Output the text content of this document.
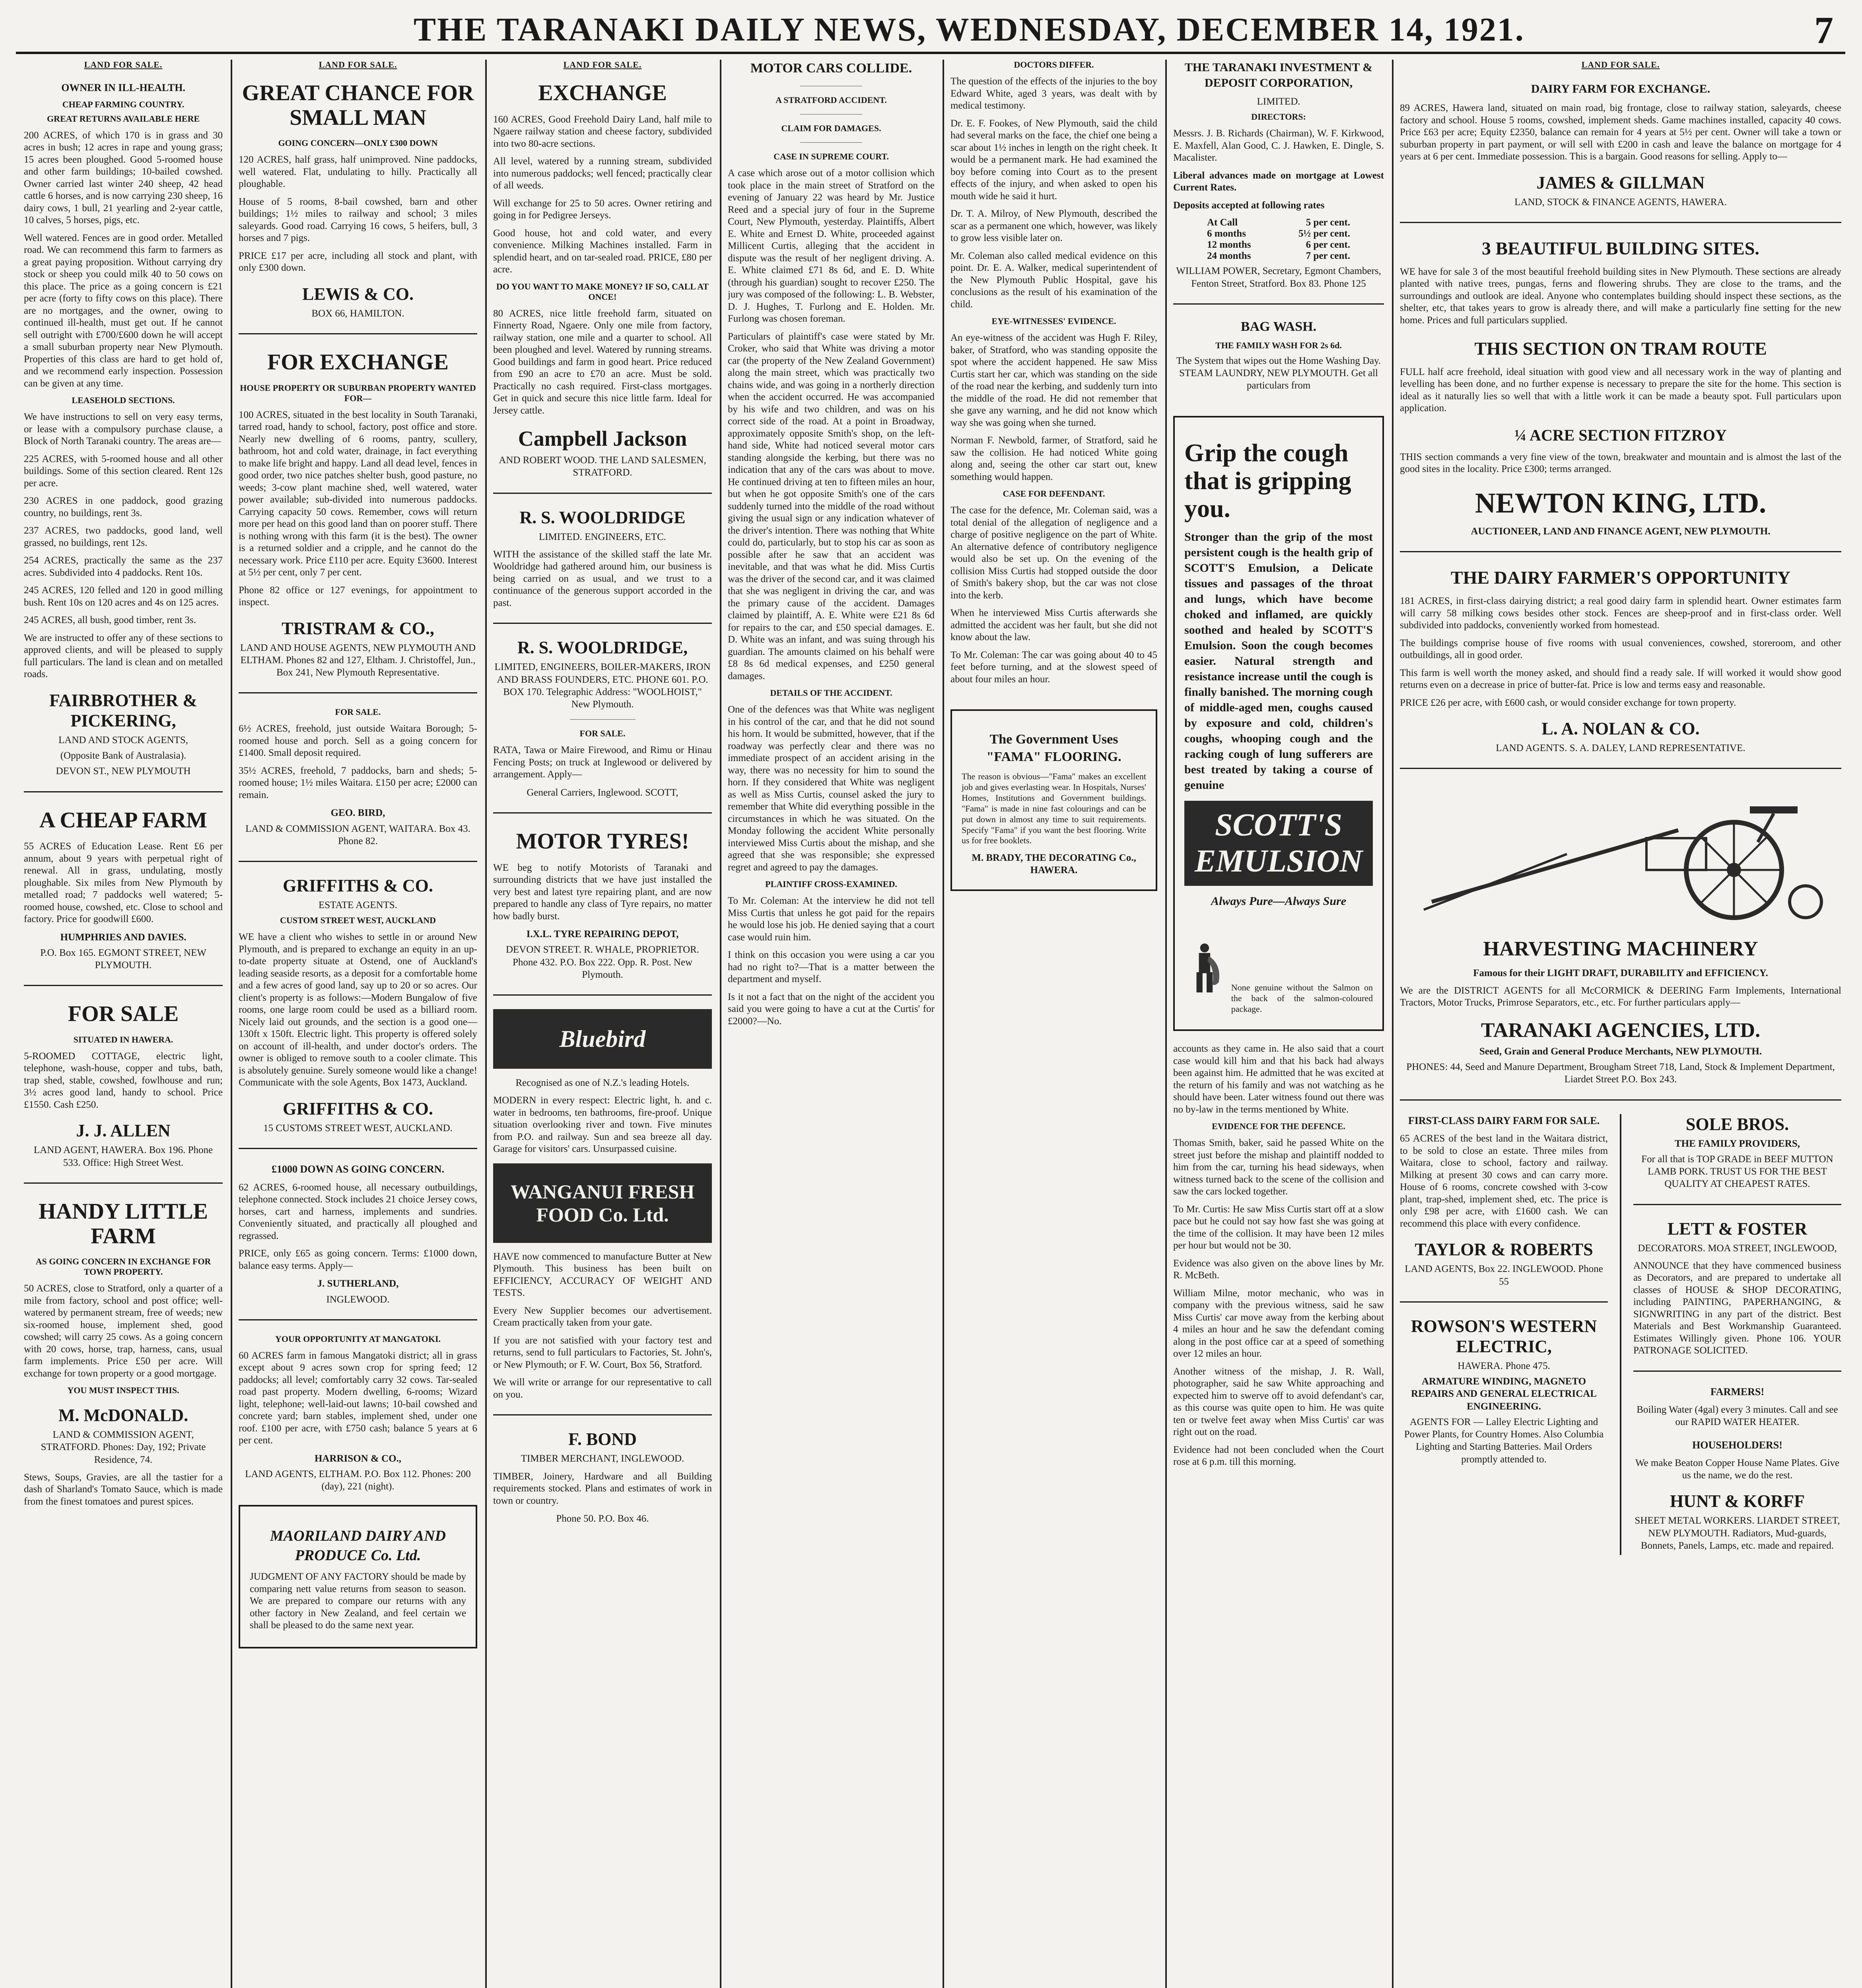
THE TARANAKI DAILY NEWS, WEDNESDAY, DECEMBER 14, 1921.	7
LAND FOR SALE.
OWNER IN ILL-HEALTH.
CHEAP FARMING COUNTRY.
GREAT RETURNS AVAILABLE HERE
200 ACRES, of which 170 is in grass and 30 acres in bush; 12 acres in rape and young grass; 15 acres been ploughed. Good 5-roomed house and other farm buildings; 10-bailed cowshed. Owner carried last winter 240 sheep, 42 head cattle 6 horses, and is now carrying 230 sheep, 16 dairy cows, 1 bull, 21 yearling and 2-year cattle, 10 calves, 5 horses, pigs, etc.
Well watered. Fences are in good order. Metalled road. We can recommend this farm to farmers as a great paying proposition. Without carrying dry stock or sheep you could milk 40 to 50 cows on this place. The price as a going concern is £21 per acre (forty to fifty cows on this place). There are no mortgages, and the owner, owing to continued ill-health, must get out. If he cannot sell outright with £700/£600 down he will accept a small suburban property near New Plymouth. Properties of this class are hard to get hold of, and we recommend early inspection. Possession can be given at any time.
LEASEHOLD SECTIONS.
We have instructions to sell on very easy terms, or lease with a compulsory purchase clause, a Block of North Taranaki country. The areas are—
225 ACRES, with 5-roomed house and all other buildings. Some of this section cleared. Rent 12s per acre.
230 ACRES in one paddock, good grazing country, no buildings, rent 3s.
237 ACRES, two paddocks, good land, well grassed, no buildings, rent 12s.
254 ACRES, practically the same as the 237 acres. Subdivided into 4 paddocks. Rent 10s.
245 ACRES, 120 felled and 120 in good milling bush. Rent 10s on 120 acres and 4s on 125 acres.
245 ACRES, all bush, good timber, rent 3s.
We are instructed to offer any of these sections to approved clients, and will be pleased to supply full particulars. The land is clean and on metalled roads.
FAIRBROTHER & PICKERING,
LAND AND STOCK AGENTS,
(Opposite Bank of Australasia).
DEVON ST., NEW PLYMOUTH
A CHEAP FARM
55 ACRES of Education Lease. Rent £6 per annum, about 9 years with perpetual right of renewal. All in grass, undulating, mostly ploughable. Six miles from New Plymouth by metalled road; 7 paddocks well watered; 5-roomed house, cowshed, etc. Close to school and factory. Price for goodwill £600.
HUMPHRIES AND DAVIES.
P.O. Box 165. EGMONT STREET, NEW PLYMOUTH.
FOR SALE
SITUATED IN HAWERA.
5-ROOMED COTTAGE, electric light, telephone, wash-house, copper and tubs, bath, trap shed, stable, cowshed, fowlhouse and run; 3½ acres good land, handy to school. Price £1550. Cash £250.
J. J. ALLEN
LAND AGENT, HAWERA. Box 196. Phone 533. Office: High Street West.
HANDY LITTLE FARM
AS GOING CONCERN IN EXCHANGE FOR TOWN PROPERTY.
50 ACRES, close to Stratford, only a quarter of a mile from factory, school and post office; well-watered by permanent stream, free of weeds; new six-roomed house, implement shed, good cowshed; will carry 25 cows. As a going concern with 20 cows, horse, trap, harness, cans, usual farm implements. Price £50 per acre. Will exchange for town property or a good mortgage.
YOU MUST INSPECT THIS.
M. McDONALD.
LAND & COMMISSION AGENT, STRATFORD. Phones: Day, 192; Private Residence, 74.
Stews, Soups, Gravies, are all the tastier for a dash of Sharland's Tomato Sauce, which is made from the finest tomatoes and purest spices.
LAND FOR SALE.
GREAT CHANCE FOR SMALL MAN
GOING CONCERN—ONLY £300 DOWN
120 ACRES, half grass, half unimproved. Nine paddocks, well watered. Flat, undulating to hilly. Practically all ploughable.
House of 5 rooms, 8-bail cowshed, barn and other buildings; 1½ miles to railway and school; 3 miles saleyards. Good road. Carrying 16 cows, 5 heifers, bull, 3 horses and 7 pigs.
PRICE £17 per acre, including all stock and plant, with only £300 down.
LEWIS & CO.
BOX 66, HAMILTON.
FOR EXCHANGE
HOUSE PROPERTY OR SUBURBAN PROPERTY WANTED FOR—
100 ACRES, situated in the best locality in South Taranaki, tarred road, handy to school, factory, post office and store. Nearly new dwelling of 6 rooms, pantry, scullery, bathroom, hot and cold water, drainage, in fact everything to make life bright and happy. Land all dead level, fences in good order, two nice patches shelter bush, good pasture, no weeds; 3-cow plant machine shed, well watered, water power available; sub-divided into numerous paddocks. Carrying capacity 50 cows. Remember, cows will return more per head on this good land than on poorer stuff. There is nothing wrong with this farm (it is the best). The owner is a returned soldier and a cripple, and he cannot do the necessary work. Price £110 per acre. Equity £3600. Interest at 5½ per cent, only 7 per cent.
Phone 82 office or 127 evenings, for appointment to inspect.
TRISTRAM & CO.,
LAND AND HOUSE AGENTS, NEW PLYMOUTH AND ELTHAM. Phones 82 and 127, Eltham. J. Christoffel, Jun., Box 241, New Plymouth Representative.
FOR SALE.
6½ ACRES, freehold, just outside Waitara Borough; 5-roomed house and porch. Sell as a going concern for £1400. Small deposit required.
35½ ACRES, freehold, 7 paddocks, barn and sheds; 5-roomed house; 1½ miles Waitara. £150 per acre; £2000 can remain.
GEO. BIRD,
LAND & COMMISSION AGENT, WAITARA. Box 43. Phone 82.
GRIFFITHS & CO.
ESTATE AGENTS.
CUSTOM STREET WEST, AUCKLAND
WE have a client who wishes to settle in or around New Plymouth, and is prepared to exchange an equity in an up-to-date property situate at Ostend, one of Auckland's leading seaside resorts, as a deposit for a comfortable home and a few acres of good land, say up to 20 or so acres. Our client's property is as follows:—Modern Bungalow of five rooms, one large room could be used as a billiard room. Nicely laid out grounds, and the section is a good one—130ft x 150ft. Electric light. This property is offered solely on account of ill-health, and under doctor's orders. The owner is obliged to remove south to a cooler climate. This is absolutely genuine. Surely someone would like a change! Communicate with the sole Agents, Box 1473, Auckland.
GRIFFITHS & CO.
15 CUSTOMS STREET WEST, AUCKLAND.
£1000 DOWN AS GOING CONCERN.
62 ACRES, 6-roomed house, all necessary outbuildings, telephone connected. Stock includes 21 choice Jersey cows, horses, cart and harness, implements and sundries. Conveniently situated, and practically all ploughed and regrassed.
PRICE, only £65 as going concern. Terms: £1000 down, balance easy terms. Apply—
J. SUTHERLAND,
INGLEWOOD.
YOUR OPPORTUNITY AT MANGATOKI.
60 ACRES farm in famous Mangatoki district; all in grass except about 9 acres sown crop for spring feed; 12 paddocks; all level; comfortably carry 32 cows. Tar-sealed road past property. Modern dwelling, 6-rooms; Wizard light, telephone; well-laid-out lawns; 10-bail cowshed and concrete yard; barn stables, implement shed, under one roof. £100 per acre, with £750 cash; balance 5 years at 6 per cent.
HARRISON & CO.,
LAND AGENTS, ELTHAM. P.O. Box 112. Phones: 200 (day), 221 (night).
MAORILAND DAIRY AND PRODUCE Co. Ltd.
JUDGMENT OF ANY FACTORY should be made by comparing nett value returns from season to season. We are prepared to compare our returns with any other factory in New Zealand, and feel certain we shall be pleased to do the same next year.
LAND FOR SALE.
EXCHANGE
160 ACRES, Good Freehold Dairy Land, half mile to Ngaere railway station and cheese factory, subdivided into two 80-acre sections.
All level, watered by a running stream, subdivided into numerous paddocks; well fenced; practically clear of all weeds.
Will exchange for 25 to 50 acres. Owner retiring and going in for Pedigree Jerseys.
Good house, hot and cold water, and every convenience. Milking Machines installed. Farm in splendid heart, and on tar-sealed road. PRICE, £80 per acre.
DO YOU WANT TO MAKE MONEY? IF SO, CALL AT ONCE!
80 ACRES, nice little freehold farm, situated on Finnerty Road, Ngaere. Only one mile from factory, railway station, one mile and a quarter to school. All been ploughed and level. Watered by running streams. Good buildings and farm in good heart. Price reduced from £90 an acre to £70 an acre. Must be sold. Practically no cash required. First-class mortgages. Get in quick and secure this nice little farm. Ideal for Jersey cattle.
Campbell Jackson
AND ROBERT WOOD. THE LAND SALESMEN, STRATFORD.
R. S. WOOLDRIDGE
LIMITED. ENGINEERS, ETC.
WITH the assistance of the skilled staff the late Mr. Wooldridge had gathered around him, our business is being carried on as usual, and we trust to a continuance of the generous support accorded in the past.
R. S. WOOLDRIDGE,
LIMITED, ENGINEERS, BOILER-MAKERS, IRON AND BRASS FOUNDERS, ETC. PHONE 601. P.O. BOX 170. Telegraphic Address: "WOOLHOIST," New Plymouth.
FOR SALE.
RATA, Tawa or Maire Firewood, and Rimu or Hinau Fencing Posts; on truck at Inglewood or delivered by arrangement. Apply—
General Carriers, Inglewood. SCOTT,
MOTOR TYRES!
WE beg to notify Motorists of Taranaki and surrounding districts that we have just installed the very best and latest tyre repairing plant, and are now prepared to handle any class of Tyre repairs, no matter how badly burst.
I.X.L. TYRE REPAIRING DEPOT,
DEVON STREET. R. WHALE, PROPRIETOR. Phone 432. P.O. Box 222. Opp. R. Post. New Plymouth.
Bluebird
Recognised as one of N.Z.'s leading Hotels.
MODERN in every respect: Electric light, h. and c. water in bedrooms, ten bathrooms, fire-proof. Unique situation overlooking river and town. Five minutes from P.O. and railway. Sun and sea breeze all day. Garage for visitors' cars. Unsurpassed cuisine.
WANGANUI FRESH FOOD Co. Ltd.
HAVE now commenced to manufacture Butter at New Plymouth. This business has been built on EFFICIENCY, ACCURACY OF WEIGHT AND TESTS.
Every New Supplier becomes our advertisement. Cream practically taken from your gate.
If you are not satisfied with your factory test and returns, send to full particulars to Factories, St. John's, or New Plymouth; or F. W. Court, Box 56, Stratford.
We will write or arrange for our representative to call on you.
F. BOND
TIMBER MERCHANT, INGLEWOOD.
TIMBER, Joinery, Hardware and all Building requirements stocked. Plans and estimates of work in town or country.
Phone 50. P.O. Box 46.
MOTOR CARS COLLIDE.
A STRATFORD ACCIDENT.
CLAIM FOR DAMAGES.
CASE IN SUPREME COURT.
A case which arose out of a motor collision which took place in the main street of Stratford on the evening of January 22 was heard by Mr. Justice Reed and a special jury of four in the Supreme Court, New Plymouth, yesterday. Plaintiffs, Albert E. White and Ernest D. White, proceeded against Millicent Curtis, alleging that the accident in dispute was the result of her negligent driving. A. E. White claimed £71 8s 6d, and E. D. White (through his guardian) sought to recover £250. The jury was composed of the following: L. B. Webster, D. J. Hughes, T. Furlong and E. Holden. Mr. Furlong was chosen foreman.
Particulars of plaintiff's case were stated by Mr. Croker, who said that White was driving a motor car (the property of the New Zealand Government) along the main street, which was practically two chains wide, and was going in a northerly direction when the accident occurred. He was accompanied by his wife and two children, and was on his correct side of the road. At a point in Broadway, approximately opposite Smith's shop, on the left-hand side, White had noticed several motor cars standing alongside the kerbing, but there was no indication that any of the cars was about to move. He continued driving at ten to fifteen miles an hour, but when he got opposite Smith's one of the cars suddenly turned into the middle of the road without giving the usual sign or any indication whatever of the driver's intention. There was nothing that White could do, particularly, but to stop his car as soon as possible after he saw that an accident was inevitable, and that was what he did. Miss Curtis was the driver of the second car, and it was claimed that she was negligent in driving the car, and was the primary cause of the accident. Damages claimed by plaintiff, A. E. White were £21 8s 6d for repairs to the car, and £50 special damages. E. D. White was an infant, and was suing through his guardian. The amounts claimed on his behalf were £8 8s 6d medical expenses, and £250 general damages.
DETAILS OF THE ACCIDENT.
One of the defences was that White was negligent in his control of the car, and that he did not sound his horn. It would be submitted, however, that if the roadway was perfectly clear and there was no immediate prospect of an accident arising in the way, there was no necessity for him to sound the horn. If they considered that White was negligent as well as Miss Curtis, counsel asked the jury to remember that White did everything possible in the circumstances in which he was situated. On the Monday following the accident White personally interviewed Miss Curtis about the mishap, and she agreed that she was responsible; she expressed regret and agreed to pay the damages.
PLAINTIFF CROSS-EXAMINED.
To Mr. Coleman: At the interview he did not tell Miss Curtis that unless he got paid for the repairs he would lose his job. He denied saying that a court case would ruin him.
I think on this occasion you were using a car you had no right to?—That is a matter between the department and myself.
Is it not a fact that on the night of the accident you said you were going to have a cut at the Curtis' for £2000?—No.
DOCTORS DIFFER.
The question of the effects of the injuries to the boy Edward White, aged 3 years, was dealt with by medical testimony.
Dr. E. F. Fookes, of New Plymouth, said the child had several marks on the face, the chief one being a scar about 1½ inches in length on the right cheek. It would be a permanent mark. He had examined the boy before coming into Court as to the present effects of the injury, and when asked to open his mouth wide he said it hurt.
Dr. T. A. Milroy, of New Plymouth, described the scar as a permanent one which, however, was likely to grow less visible later on.
Mr. Coleman also called medical evidence on this point. Dr. E. A. Walker, medical superintendent of the New Plymouth Public Hospital, gave his conclusions as the result of his examination of the child.
EYE-WITNESSES' EVIDENCE.
An eye-witness of the accident was Hugh F. Riley, baker, of Stratford, who was standing opposite the spot where the accident happened. He saw Miss Curtis start her car, which was standing on the side of the road near the kerbing, and suddenly turn into the middle of the road. He did not remember that she gave any warning, and he did not know which way she was going when she turned.
Norman F. Newbold, farmer, of Stratford, said he saw the collision. He had noticed White going along and, seeing the other car start out, knew something would happen.
CASE FOR DEFENDANT.
The case for the defence, Mr. Coleman said, was a total denial of the allegation of negligence and a charge of positive negligence on the part of White. An alternative defence of contributory negligence would also be set up. On the evening of the collision Miss Curtis had stopped outside the door of Smith's bakery shop, but the car was not close into the kerb.
When he interviewed Miss Curtis afterwards she admitted the accident was her fault, but she did not know about the law.
To Mr. Coleman: The car was going about 40 to 45 feet before turning, and at the slowest speed of about four miles an hour.
The Government Uses "FAMA" FLOORING.
The reason is obvious—"Fama" makes an excellent job and gives everlasting wear. In Hospitals, Nurses' Homes, Institutions and Government buildings. "Fama" is made in nine fast colourings and can be put down in almost any time to suit requirements. Specify "Fama" if you want the best flooring. Write us for free booklets.
M. BRADY, THE DECORATING Co., HAWERA.
THE TARANAKI INVESTMENT & DEPOSIT CORPORATION,
LIMITED.
DIRECTORS:
Messrs. J. B. Richards (Chairman), W. F. Kirkwood, E. Maxfell, Alan Good, C. J. Hawken, E. Dingle, S. Macalister.
Liberal advances made on mortgage at Lowest Current Rates.
Deposits accepted at following rates
At Call	5 per cent.
6 months	5½ per cent.
12 months	6 per cent.
24 months	7 per cent.
WILLIAM POWER, Secretary, Egmont Chambers, Fenton Street, Stratford. Box 83. Phone 125
BAG WASH.
THE FAMILY WASH FOR 2s 6d.
The System that wipes out the Home Washing Day. STEAM LAUNDRY, NEW PLYMOUTH. Get all particulars from
Grip the cough that is gripping you.
Stronger than the grip of the most persistent cough is the health grip of SCOTT'S Emulsion, a Delicate tissues and passages of the throat and lungs, which have become choked and inflamed, are quickly soothed and healed by SCOTT'S Emulsion. Soon the cough becomes easier. Natural strength and resistance increase until the cough is finally banished. The morning cough of middle-aged men, coughs caused by exposure and cold, children's coughs, whooping cough and the racking cough of lung sufferers are best treated by taking a course of genuine
SCOTT'S EMULSION
Always Pure—Always Sure
None genuine without the Salmon on the back of the salmon-coloured package.
accounts as they came in. He also said that a court case would kill him and that his back had always been against him. He admitted that he was excited at the return of his family and was not watching as he should have been. Later witness found out there was no by-law in the terms mentioned by White.
EVIDENCE FOR THE DEFENCE.
Thomas Smith, baker, said he passed White on the street just before the mishap and plaintiff nodded to him from the car, turning his head sideways, when witness turned back to the scene of the collision and saw the cars locked together.
To Mr. Curtis: He saw Miss Curtis start off at a slow pace but he could not say how fast she was going at the time of the collision. It may have been 12 miles per hour but would not be 30.
Evidence was also given on the above lines by Mr. R. McBeth.
William Milne, motor mechanic, who was in company with the previous witness, said he saw Miss Curtis' car move away from the kerbing about 4 miles an hour and he saw the defendant coming along in the post office car at a speed of something over 12 miles an hour.
Another witness of the mishap, J. R. Wall, photographer, said he saw White approaching and expected him to swerve off to avoid defendant's car, as this course was quite open to him. He was quite ten or twelve feet away when Miss Curtis' car was right out on the road.
Evidence had not been concluded when the Court rose at 6 p.m. till this morning.
LAND FOR SALE.
DAIRY FARM FOR EXCHANGE.
89 ACRES, Hawera land, situated on main road, big frontage, close to railway station, saleyards, cheese factory and school. House 5 rooms, cowshed, implement sheds. Game machines installed, capacity 40 cows. Price £63 per acre; Equity £2350, balance can remain for 4 years at 5½ per cent. Owner will take a town or suburban property in part payment, or will sell with £200 in cash and leave the balance on mortgage for 4 years at 6 per cent. Immediate possession. This is a bargain. Good reasons for selling. Apply to—
JAMES & GILLMAN
LAND, STOCK & FINANCE AGENTS, HAWERA.
3 BEAUTIFUL BUILDING SITES.
WE have for sale 3 of the most beautiful freehold building sites in New Plymouth. These sections are already planted with native trees, pungas, ferns and flowering shrubs. They are close to the trams, and the surroundings and outlook are ideal. Anyone who contemplates building should inspect these sections, as the shelter, etc, that takes years to grow is already there, and will make a particularly fine setting for the new home. Prices and full particulars supplied.
THIS SECTION ON TRAM ROUTE
FULL half acre freehold, ideal situation with good view and all necessary work in the way of planting and levelling has been done, and no further expense is necessary to prepare the site for the home. This section is ideal as it naturally lies so well that with a little work it can be made a beauty spot. Full particulars upon application.
¼ ACRE SECTION FITZROY
THIS section commands a very fine view of the town, breakwater and mountain and is almost the last of the good sites in the locality. Price £300; terms arranged.
NEWTON KING, LTD.
AUCTIONEER, LAND AND FINANCE AGENT, NEW PLYMOUTH.
THE DAIRY FARMER'S OPPORTUNITY
181 ACRES, in first-class dairying district; a real good dairy farm in splendid heart. Owner estimates farm will carry 58 milking cows besides other stock. Fences are sheep-proof and in first-class order. Well subdivided into paddocks, conveniently worked from homestead.
The buildings comprise house of five rooms with usual conveniences, cowshed, storeroom, and other outbuildings, all in good order.
This farm is well worth the money asked, and should find a ready sale. If will worked it would show good returns even on a decrease in price of butter-fat. Price is low and terms easy and reasonable.
PRICE £26 per acre, with £600 cash, or would consider exchange for town property.
L. A. NOLAN & CO.
LAND AGENTS. S. A. DALEY, LAND REPRESENTATIVE.
HARVESTING MACHINERY
Famous for their LIGHT DRAFT, DURABILITY and EFFICIENCY.
We are the DISTRICT AGENTS for all McCORMICK & DEERING Farm Implements, International Tractors, Motor Trucks, Primrose Separators, etc., etc. For further particulars apply—
TARANAKI AGENCIES, LTD.
Seed, Grain and General Produce Merchants, NEW PLYMOUTH.
PHONES: 44, Seed and Manure Department, Brougham Street 718, Land, Stock & Implement Department, Liardet Street P.O. Box 243.
FIRST-CLASS DAIRY FARM FOR SALE.
65 ACRES of the best land in the Waitara district, to be sold to close an estate. Three miles from Waitara, close to school, factory and railway. Milking at present 30 cows and can carry more. House of 6 rooms, concrete cowshed with 3-cow plant, trap-shed, implement shed, etc. The price is only £98 per acre, with £1600 cash. We can recommend this place with every confidence.
TAYLOR & ROBERTS
LAND AGENTS, Box 22. INGLEWOOD. Phone 55
ROWSON'S WESTERN ELECTRIC,
HAWERA. Phone 475.
ARMATURE WINDING, MAGNETO REPAIRS AND GENERAL ELECTRICAL ENGINEERING.
AGENTS FOR — Lalley Electric Lighting and Power Plants, for Country Homes. Also Columbia Lighting and Starting Batteries. Mail Orders promptly attended to.
SOLE BROS.
THE FAMILY PROVIDERS,
For all that is TOP GRADE in BEEF MUTTON LAMB PORK. TRUST US FOR THE BEST QUALITY AT CHEAPEST RATES.
LETT & FOSTER
DECORATORS. MOA STREET, INGLEWOOD,
ANNOUNCE that they have commenced business as Decorators, and are prepared to undertake all classes of HOUSE & SHOP DECORATING, including PAINTING, PAPERHANGING, & SIGNWRITING in any part of the district. Best Materials and Best Workmanship Guaranteed. Estimates Willingly given. Phone 106. YOUR PATRONAGE SOLICITED.
FARMERS!
Boiling Water (4gal) every 3 minutes. Call and see our RAPID WATER HEATER.
HOUSEHOLDERS!
We make Beaton Copper House Name Plates. Give us the name, we do the rest.
HUNT & KORFF
SHEET METAL WORKERS. LIARDET STREET, NEW PLYMOUTH. Radiators, Mud-guards, Bonnets, Panels, Lamps, etc. made and repaired.
